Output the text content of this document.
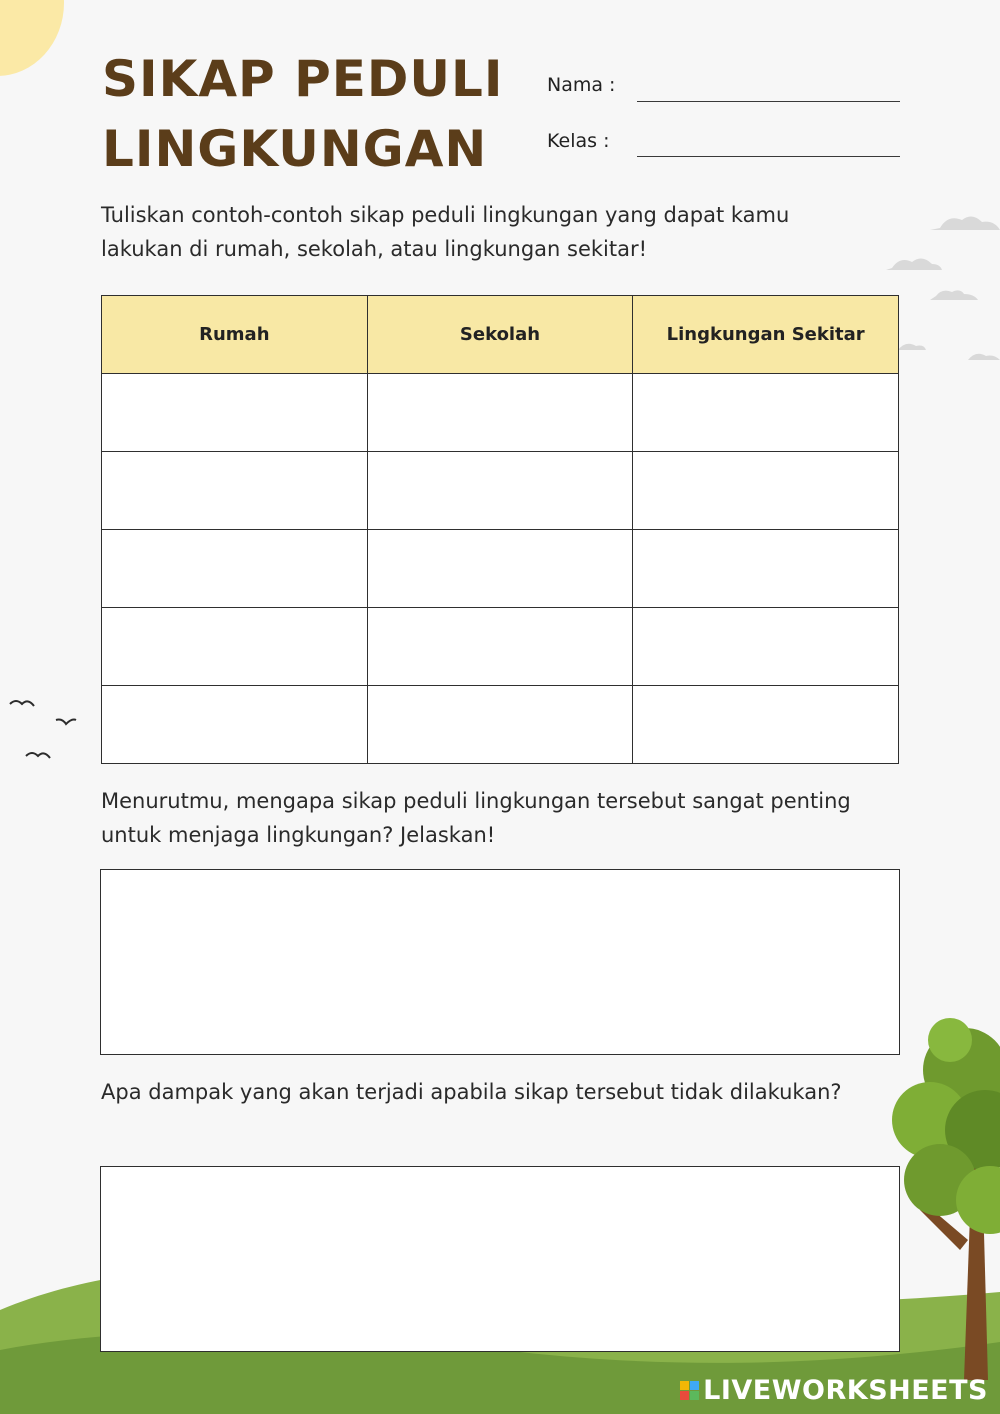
SIKAP PEDULI
LINGKUNGAN
Nama :
Kelas :

Tuliskan contoh-contoh sikap peduli lingkungan yang dapat kamu lakukan di rumah, sekolah, atau lingkungan sekitar!

Rumah	Sekolah	Lingkungan Sekitar

Menurutmu, mengapa sikap peduli lingkungan tersebut sangat penting untuk menjaga lingkungan? Jelaskan!

Apa dampak yang akan terjadi apabila sikap tersebut tidak dilakukan?

LIVEWORKSHEETS
